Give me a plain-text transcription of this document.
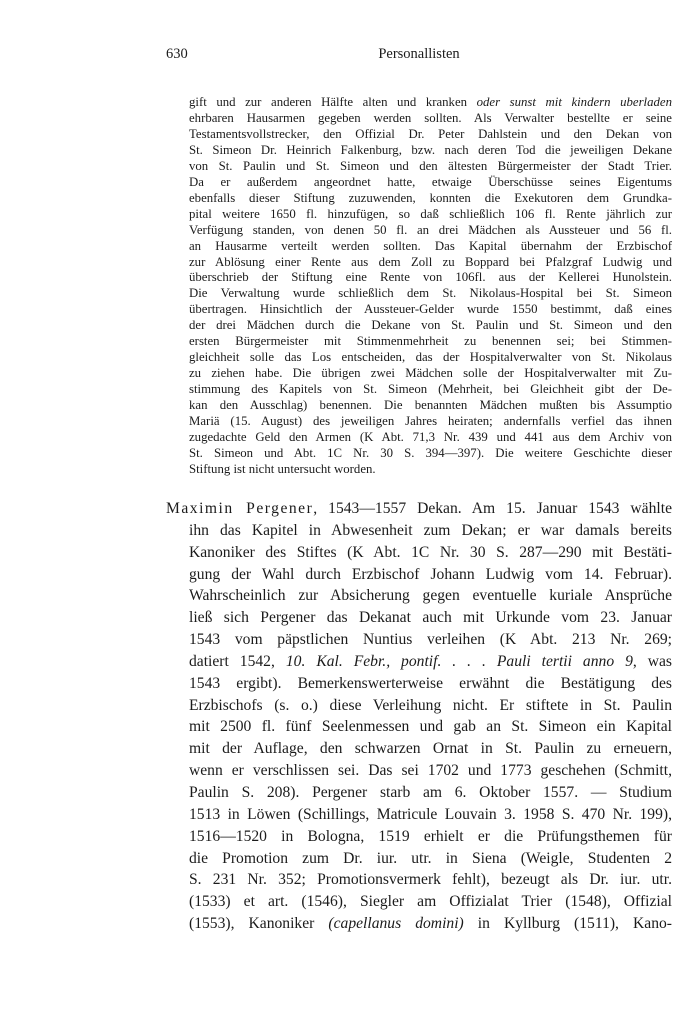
630	Personallisten
gift und zur anderen Hälfte alten und kranken oder sunst mit kindern uberladen
ehrbaren Hausarmen gegeben werden sollten. Als Verwalter bestellte er seine
Testamentsvollstrecker, den Offizial Dr. Peter Dahlstein und den Dekan von
St. Simeon Dr. Heinrich Falkenburg, bzw. nach deren Tod die jeweiligen Dekane
von St. Paulin und St. Simeon und den ältesten Bürgermeister der Stadt Trier.
Da er außerdem angeordnet hatte, etwaige Überschüsse seines Eigentums
ebenfalls dieser Stiftung zuzuwenden, konnten die Exekutoren dem Grundka-
pital weitere 1650 fl. hinzufügen, so daß schließlich 106 fl. Rente jährlich zur
Verfügung standen, von denen 50 fl. an drei Mädchen als Aussteuer und 56 fl.
an Hausarme verteilt werden sollten. Das Kapital übernahm der Erzbischof
zur Ablösung einer Rente aus dem Zoll zu Boppard bei Pfalzgraf Ludwig und
überschrieb der Stiftung eine Rente von 106fl. aus der Kellerei Hunolstein.
Die Verwaltung wurde schließlich dem St. Nikolaus-Hospital bei St. Simeon
übertragen. Hinsichtlich der Aussteuer-Gelder wurde 1550 bestimmt, daß eines
der drei Mädchen durch die Dekane von St. Paulin und St. Simeon und den
ersten Bürgermeister mit Stimmenmehrheit zu benennen sei; bei Stimmen-
gleichheit solle das Los entscheiden, das der Hospitalverwalter von St. Nikolaus
zu ziehen habe. Die übrigen zwei Mädchen solle der Hospitalverwalter mit Zu-
stimmung des Kapitels von St. Simeon (Mehrheit, bei Gleichheit gibt der De-
kan den Ausschlag) benennen. Die benannten Mädchen mußten bis Assumptio
Mariä (15. August) des jeweiligen Jahres heiraten; andernfalls verfiel das ihnen
zugedachte Geld den Armen (K Abt. 71,3 Nr. 439 und 441 aus dem Archiv von
St. Simeon und Abt. 1C Nr. 30 S. 394—397). Die weitere Geschichte dieser
Stiftung ist nicht untersucht worden.
Maximin Pergener, 1543—1557 Dekan. Am 15. Januar 1543 wählte
ihn das Kapitel in Abwesenheit zum Dekan; er war damals bereits
Kanoniker des Stiftes (K Abt. 1C Nr. 30 S. 287—290 mit Bestäti-
gung der Wahl durch Erzbischof Johann Ludwig vom 14. Februar).
Wahrscheinlich zur Absicherung gegen eventuelle kuriale Ansprüche
ließ sich Pergener das Dekanat auch mit Urkunde vom 23. Januar
1543 vom päpstlichen Nuntius verleihen (K Abt. 213 Nr. 269;
datiert 1542, 10. Kal. Febr., pontif. . . . Pauli tertii anno 9, was
1543 ergibt). Bemerkenswerterweise erwähnt die Bestätigung des
Erzbischofs (s. o.) diese Verleihung nicht. Er stiftete in St. Paulin
mit 2500 fl. fünf Seelenmessen und gab an St. Simeon ein Kapital
mit der Auflage, den schwarzen Ornat in St. Paulin zu erneuern,
wenn er verschlissen sei. Das sei 1702 und 1773 geschehen (Schmitt,
Paulin S. 208). Pergener starb am 6. Oktober 1557. — Studium
1513 in Löwen (Schillings, Matricule Louvain 3. 1958 S. 470 Nr. 199),
1516—1520 in Bologna, 1519 erhielt er die Prüfungsthemen für
die Promotion zum Dr. iur. utr. in Siena (Weigle, Studenten 2
S. 231 Nr. 352; Promotionsvermerk fehlt), bezeugt als Dr. iur. utr.
(1533) et art. (1546), Siegler am Offizialat Trier (1548), Offizial
(1553), Kanoniker (capellanus domini) in Kyllburg (1511), Kano-
